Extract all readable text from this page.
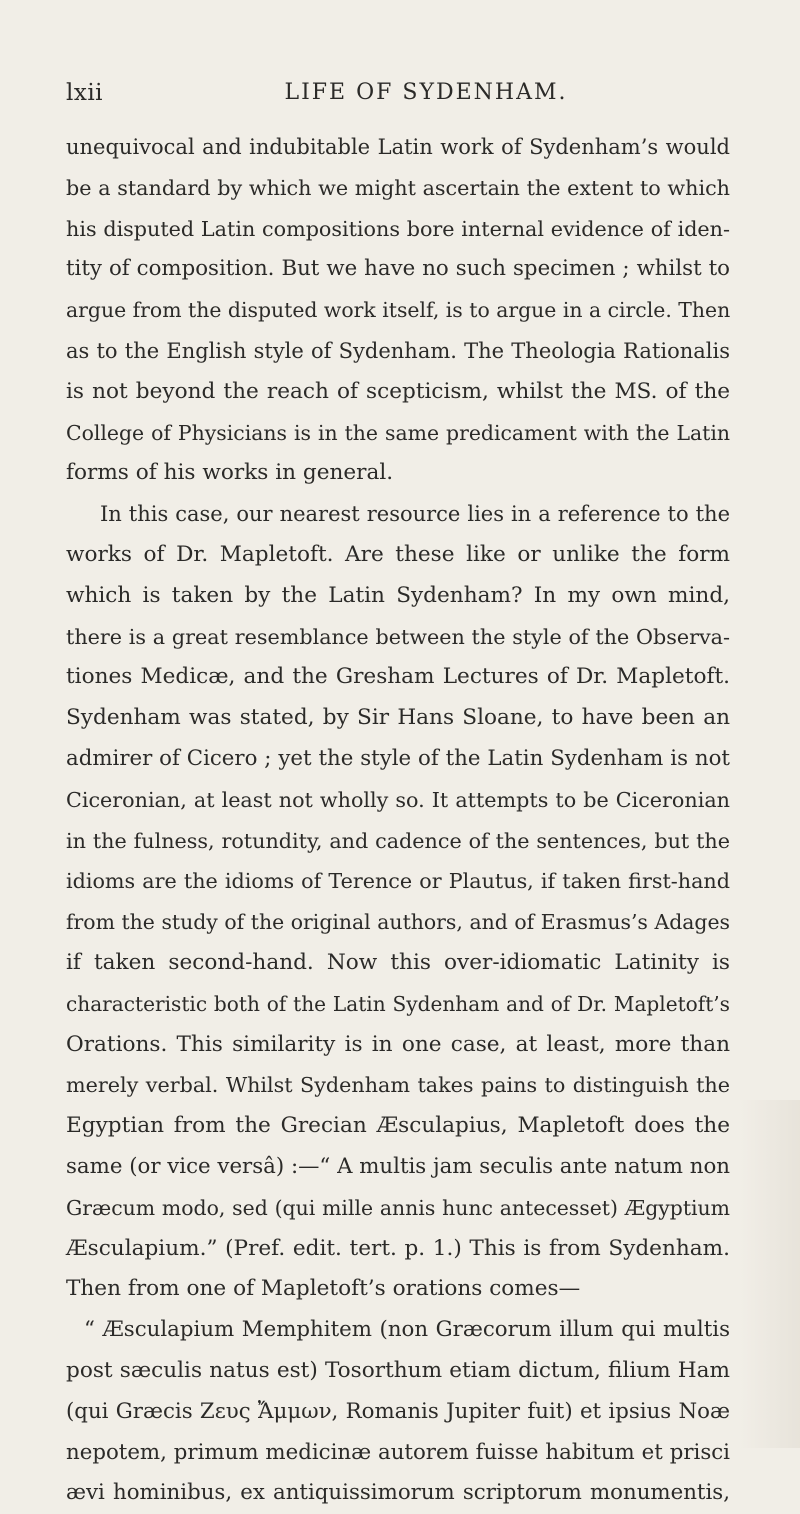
lxii	LIFE OF SYDENHAM.
unequivocal and indubitable Latin work of Sydenham’s would
be a standard by which we might ascertain the extent to which
his disputed Latin compositions bore internal evidence of iden-
tity of composition. But we have no such specimen ; whilst to
argue from the disputed work itself, is to argue in a circle. Then
as to the English style of Sydenham. The Theologia Rationalis
is not beyond the reach of scepticism, whilst the MS. of the
College of Physicians is in the same predicament with the Latin
forms of his works in general.
In this case, our nearest resource lies in a reference to the
works of Dr. Mapletoft. Are these like or unlike the form
which is taken by the Latin Sydenham? In my own mind,
there is a great resemblance between the style of the Observa-
tiones Medicæ, and the Gresham Lectures of Dr. Mapletoft.
Sydenham was stated, by Sir Hans Sloane, to have been an
admirer of Cicero ; yet the style of the Latin Sydenham is not
Ciceronian, at least not wholly so. It attempts to be Ciceronian
in the fulness, rotundity, and cadence of the sentences, but the
idioms are the idioms of Terence or Plautus, if taken first-hand
from the study of the original authors, and of Erasmus’s Adages
if taken second-hand. Now this over-idiomatic Latinity is
characteristic both of the Latin Sydenham and of Dr. Mapletoft’s
Orations. This similarity is in one case, at least, more than
merely verbal. Whilst Sydenham takes pains to distinguish the
Egyptian from the Grecian Æsculapius, Mapletoft does the
same (or vice versâ) :—“ A multis jam seculis ante natum non
Græcum modo, sed (qui mille annis hunc antecesset) Ægyptium
Æsculapium.” (Pref. edit. tert. p. 1.) This is from Sydenham.
Then from one of Mapletoft’s orations comes—
“ Æsculapium Memphitem (non Græcorum illum qui multis
post sæculis natus est) Tosorthum etiam dictum, filium Ham
(qui Græcis Ζευς Ἄμμων, Romanis Jupiter fuit) et ipsius Noæ
nepotem, primum medicinæ autorem fuisse habitum et prisci
ævi hominibus, ex antiquissimorum scriptorum monumentis,
